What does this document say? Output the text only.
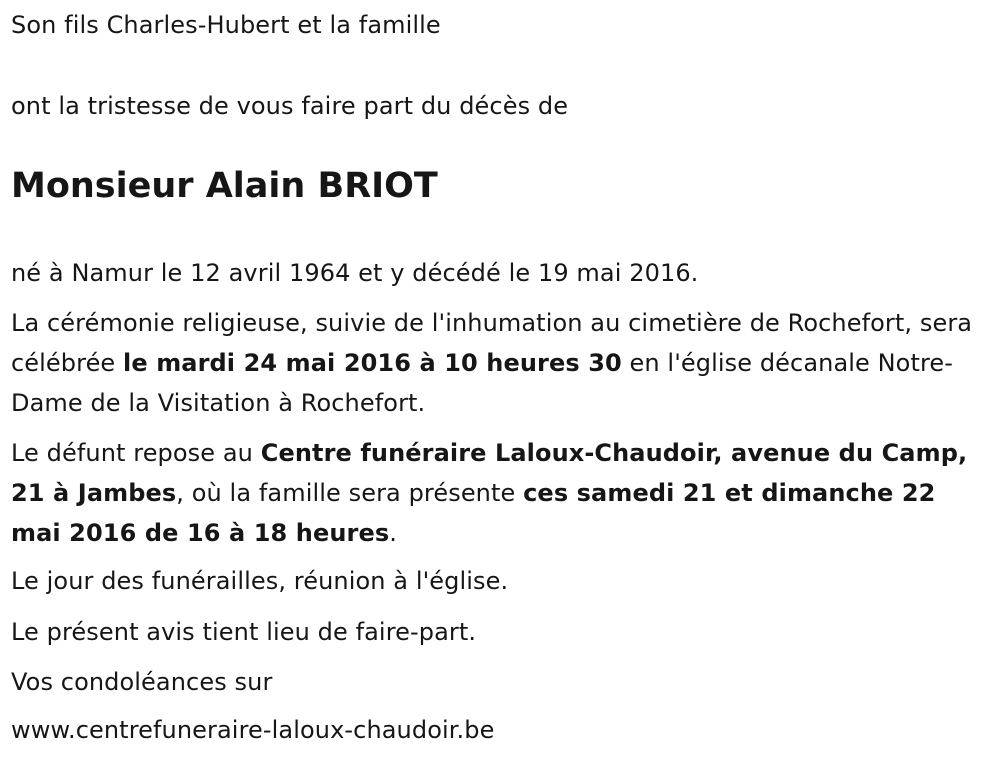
Son fils Charles-Hubert et la famille

ont la tristesse de vous faire part du décès de

Monsieur Alain BRIOT

né à Namur le 12 avril 1964 et y décédé le 19 mai 2016.

La cérémonie religieuse, suivie de l'inhumation au cimetière de Rochefort, sera célébrée le mardi 24 mai 2016 à 10 heures 30 en l'église décanale Notre-Dame de la Visitation à Rochefort.

Le défunt repose au Centre funéraire Laloux-Chaudoir, avenue du Camp, 21 à Jambes, où la famille sera présente ces samedi 21 et dimanche 22 mai 2016 de 16 à 18 heures.

Le jour des funérailles, réunion à l'église.

Le présent avis tient lieu de faire-part.

Vos condoléances sur

www.centrefuneraire-laloux-chaudoir.be
